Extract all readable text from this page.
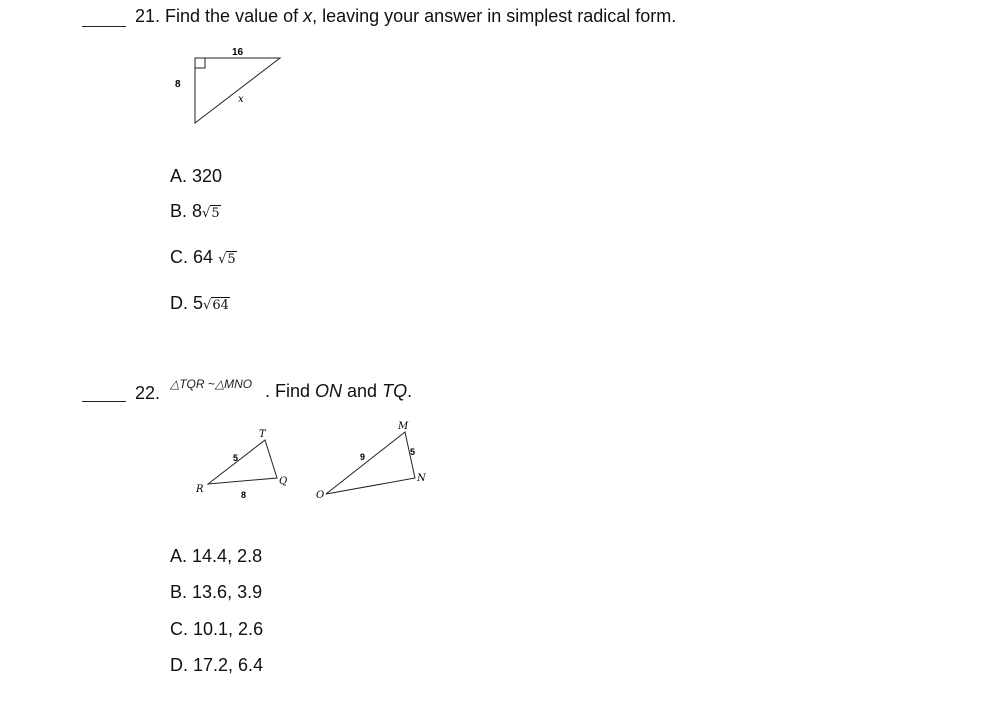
21. Find the value of x, leaving your answer in simplest radical form.
16
8
x
A. 320
B. 8√5
C. 64 √5
D. 5√64
22. △TQR ~△MNO . Find ON and TQ.
T
R
Q
5
8
M
N
O
9	5
A. 14.4, 2.8
B. 13.6, 3.9
C. 10.1, 2.6
D. 17.2, 6.4
